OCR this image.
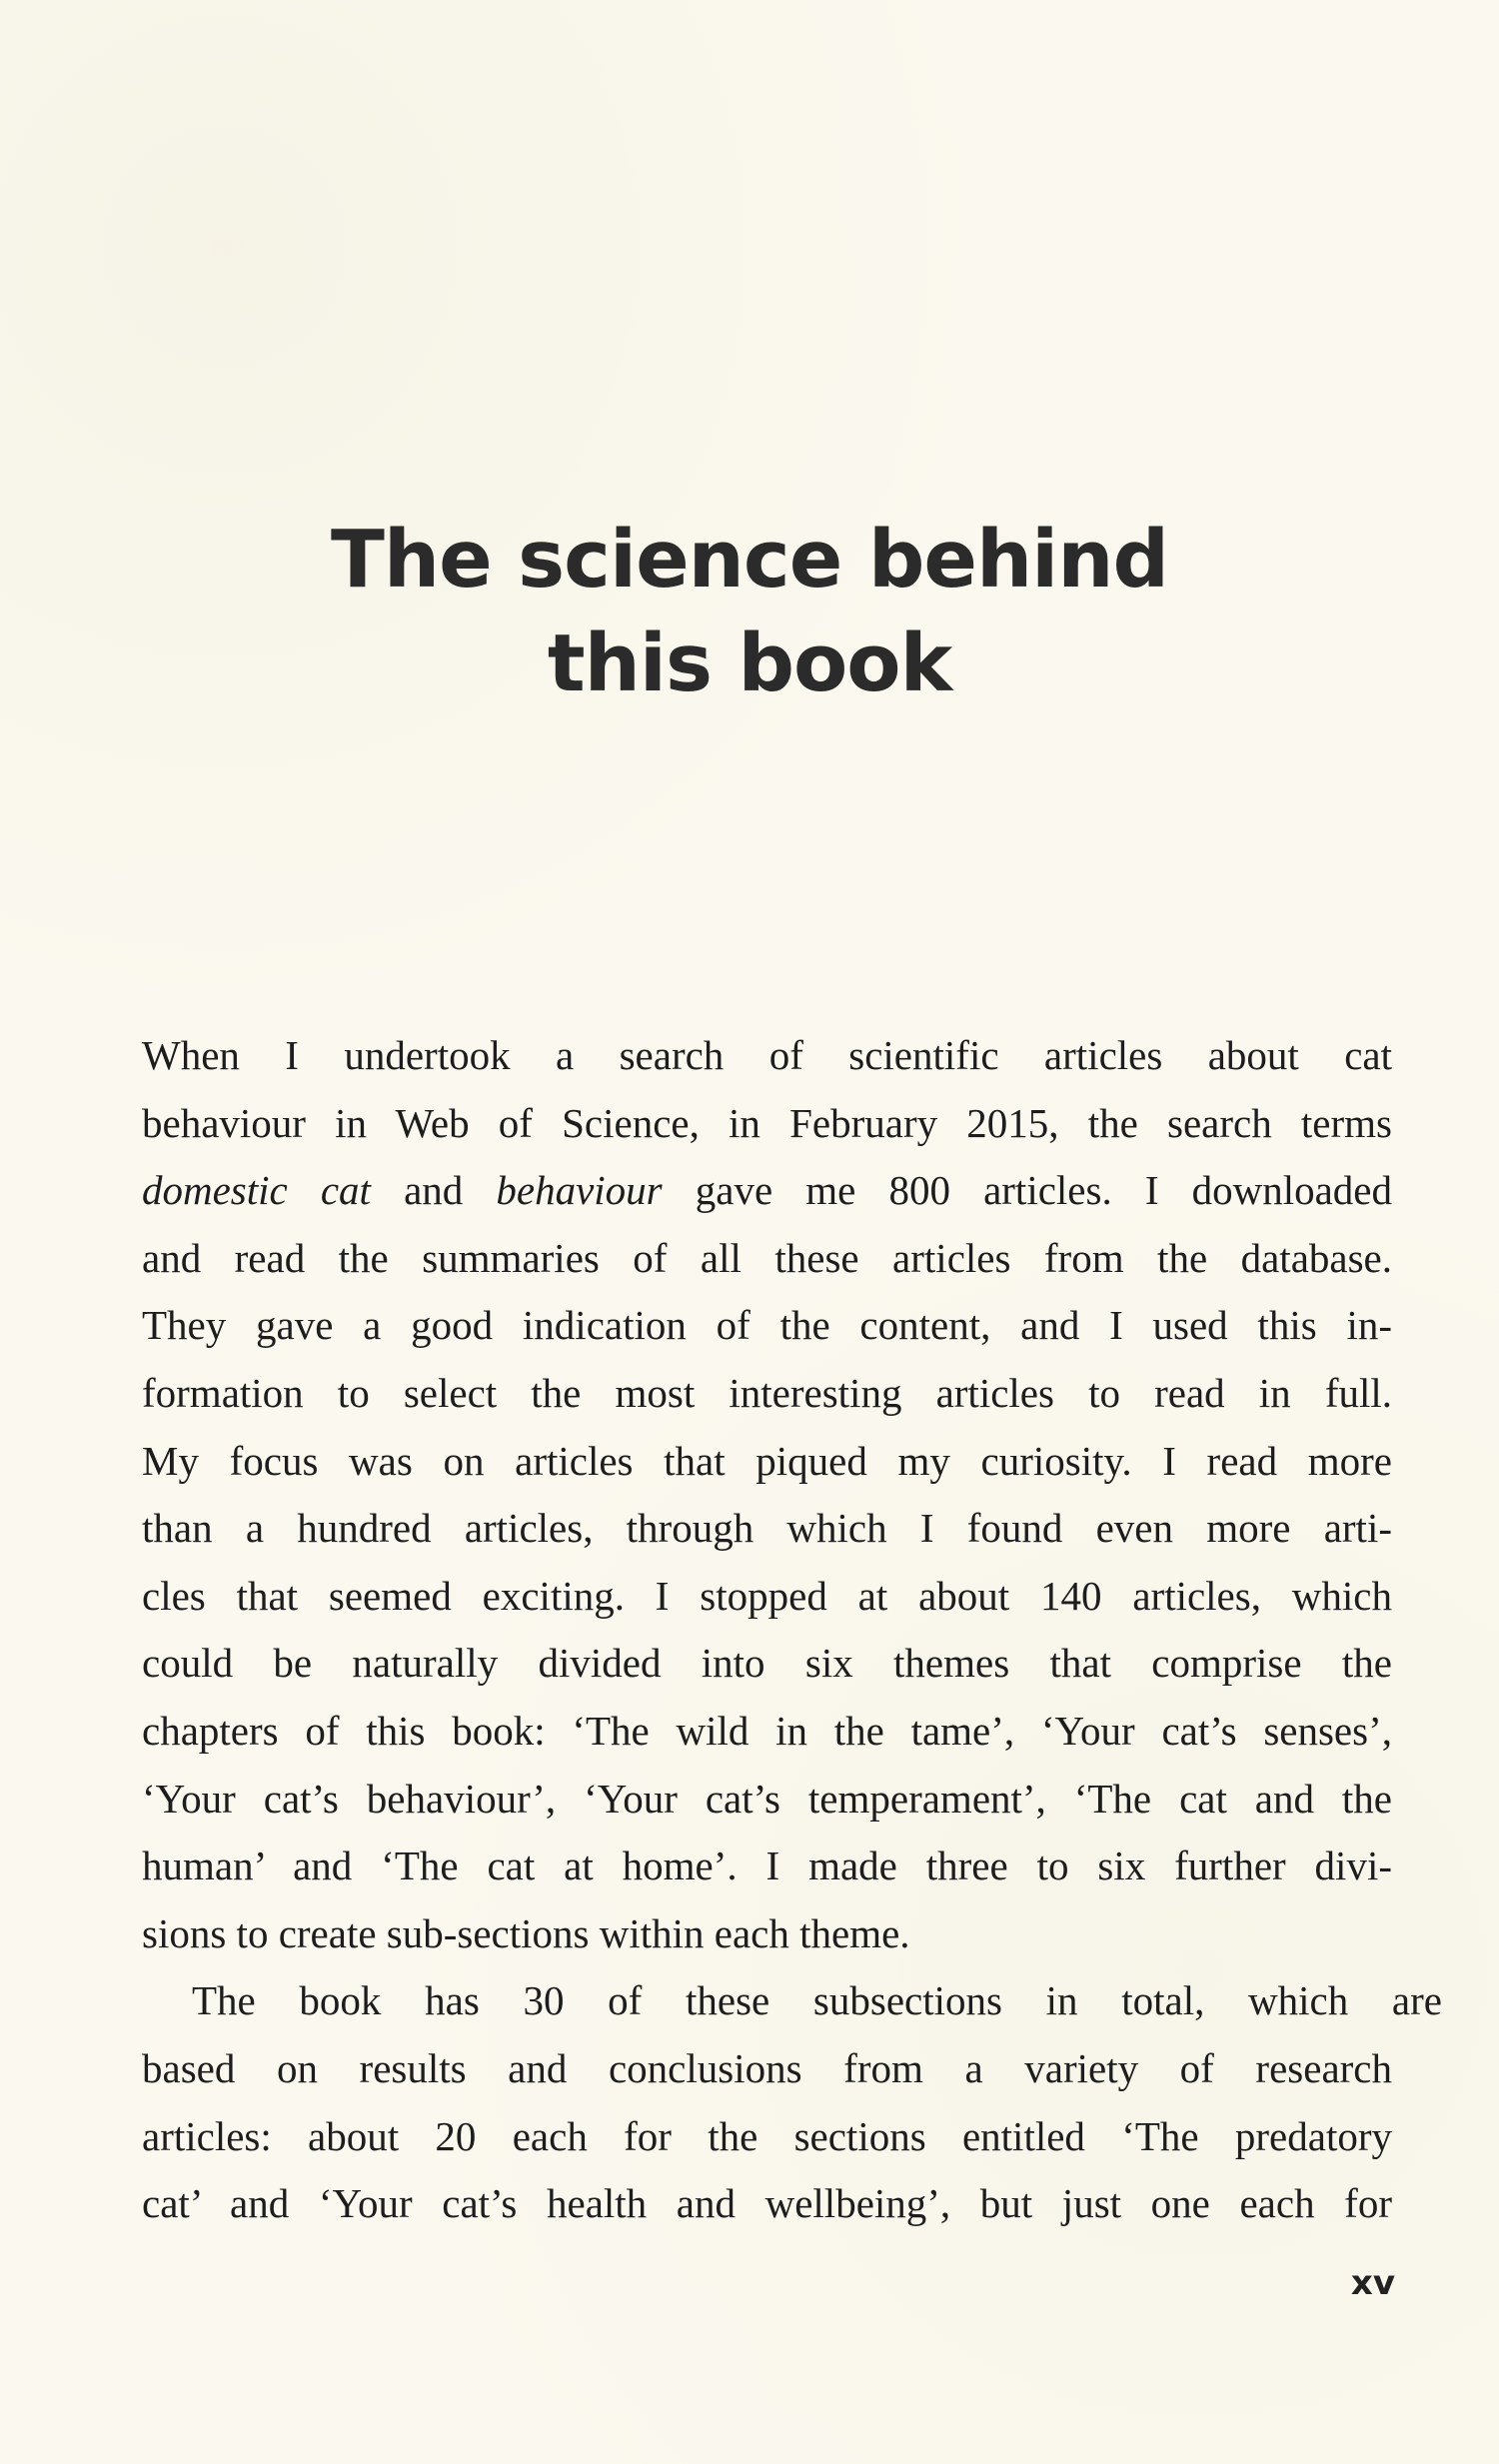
The science behind
this book
When I undertook a search of scientific articles about cat
behaviour in Web of Science, in February 2015, the search terms
domestic cat and behaviour gave me 800 articles. I downloaded
and read the summaries of all these articles from the database.
They gave a good indication of the content, and I used this in-
formation to select the most interesting articles to read in full.
My focus was on articles that piqued my curiosity. I read more
than a hundred articles, through which I found even more arti-
cles that seemed exciting. I stopped at about 140 articles, which
could be naturally divided into six themes that comprise the
chapters of this book: ‘The wild in the tame’, ‘Your cat’s senses’,
‘Your cat’s behaviour’, ‘Your cat’s temperament’, ‘The cat and the
human’ and ‘The cat at home’. I made three to six further divi-
sions to create sub-sections within each theme.
The book has 30 of these subsections in total, which are
based on results and conclusions from a variety of research
articles: about 20 each for the sections entitled ‘The predatory
cat’ and ‘Your cat’s health and wellbeing’, but just one each for
xv
